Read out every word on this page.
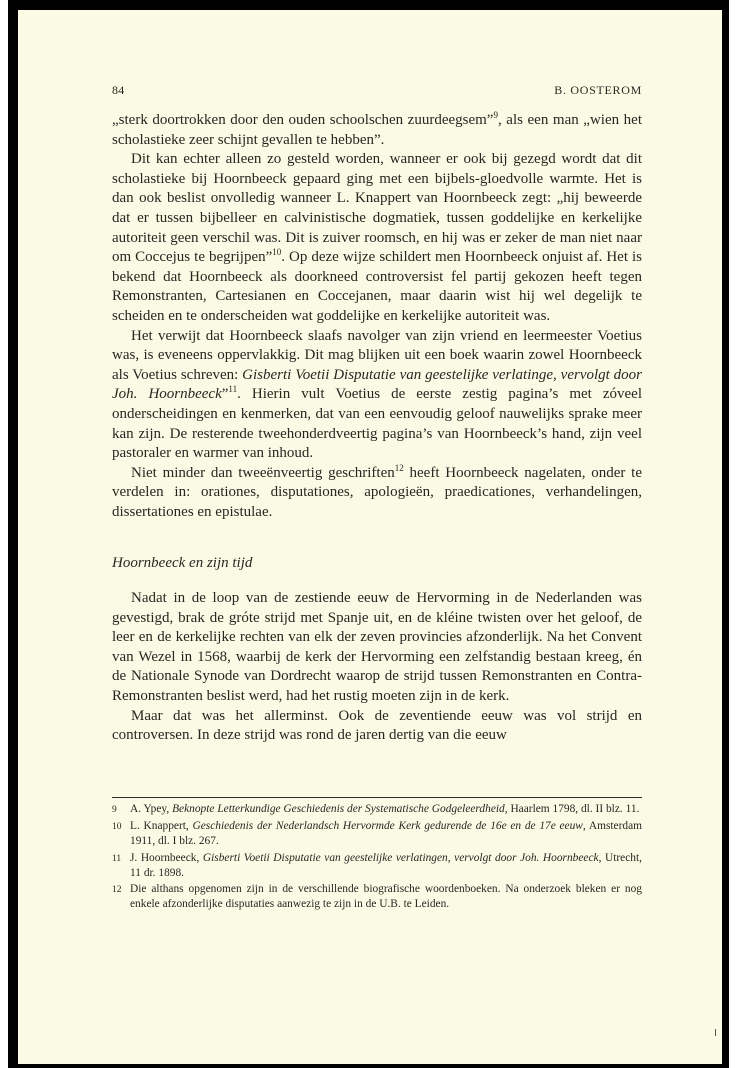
84	B. OOSTEROM

„sterk doortrokken door den ouden schoolschen zuurdeegsem”$^9$, als een man „wien het scholastieke zeer schijnt gevallen te hebben”.

Dit kan echter alleen zo gesteld worden, wanneer er ook bij gezegd wordt dat dit scholastieke bij Hoornbeeck gepaard ging met een bijbels-gloedvolle warmte. Het is dan ook beslist onvolledig wanneer L. Knappert van Hoornbeeck zegt: „hij beweerde dat er tussen bijbelleer en calvinistische dogmatiek, tussen goddelijke en kerkelijke autoriteit geen verschil was. Dit is zuiver roomsch, en hij was er zeker de man niet naar om Coccejus te begrijpen”$^{10}$. Op deze wijze schildert men Hoornbeeck onjuist af. Het is bekend dat Hoornbeeck als doorkneed controversist fel partij gekozen heeft tegen Remonstranten, Cartesianen en Coccejanen, maar daarin wist hij wel degelijk te scheiden en te onderscheiden wat goddelijke en kerkelijke autoriteit was.

Het verwijt dat Hoornbeeck slaafs navolger van zijn vriend en leermeester Voetius was, is eveneens oppervlakkig. Dit mag blijken uit een boek waarin zowel Hoornbeeck als Voetius schreven: Gisberti Voetii Disputatie van geestelijke verlatinge, vervolgt door Joh. Hoornbeeck”$^{11}$. Hierin vult Voetius de eerste zestig pagina’s met zóveel onderscheidingen en kenmerken, dat van een eenvoudig geloof nauwelijks sprake meer kan zijn. De resterende tweehonderdveertig pagina’s van Hoornbeeck’s hand, zijn veel pastoraler en warmer van inhoud.

Niet minder dan tweeënveertig geschriften$^{12}$ heeft Hoornbeeck nagelaten, onder te verdelen in: orationes, disputationes, apologieën, praedicationes, verhandelingen, dissertationes en epistulae.

Hoornbeeck en zijn tijd

Nadat in de loop van de zestiende eeuw de Hervorming in de Nederlanden was gevestigd, brak de gróte strijd met Spanje uit, en de kléine twisten over het geloof, de leer en de kerkelijke rechten van elk der zeven provincies afzonderlijk. Na het Convent van Wezel in 1568, waarbij de kerk der Hervorming een zelfstandig bestaan kreeg, én de Nationale Synode van Dordrecht waarop de strijd tussen Remonstranten en Contra-Remonstranten beslist werd, had het rustig moeten zijn in de kerk.

Maar dat was het allerminst. Ook de zeventiende eeuw was vol strijd en controversen. In deze strijd was rond de jaren dertig van die eeuw

9	A. Ypey, Beknopte Letterkundige Geschiedenis der Systematische Godgeleerdheid, Haarlem 1798, dl. II blz. 11.
10 L. Knappert, Geschiedenis der Nederlandsch Hervormde Kerk gedurende de 16e en de 17e eeuw, Amsterdam 1911, dl. I blz. 267.
11 J. Hoornbeeck, Gisberti Voetii Disputatie van geestelijke verlatingen, vervolgt door Joh. Hoornbeeck, Utrecht, 11 dr. 1898.
12 Die althans opgenomen zijn in de verschillende biografische woordenboeken. Na onderzoek bleken er nog enkele afzonderlijke disputaties aanwezig te zijn in de U.B. te Leiden.
